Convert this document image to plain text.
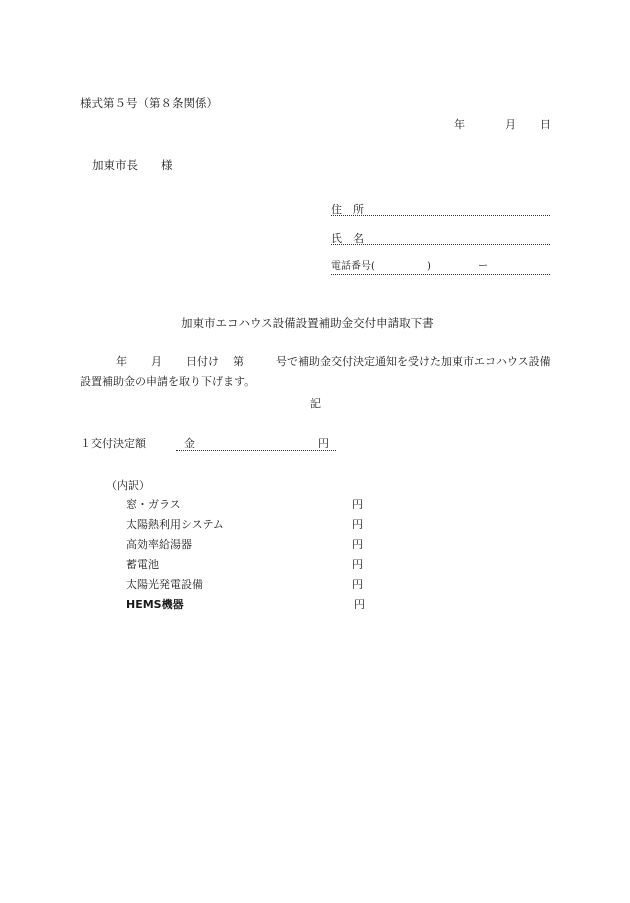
様式第５号（第８条関係）
年	月 日
加東市長　　様
住　所
氏　名
電話番号(	)	ー
加東市エコハウス設備設置補助金交付申請取下書
年 月 日付け 第	号で補助金交付決定通知を受けた加東市エコハウス設備設置補助金の申請を取り下げます。
記
１交付決定額	金	円
（内訳）
窓・ガラス	円
太陽熱利用システム	円
高効率給湯器	円
蓄電池	円
太陽光発電設備	円
HEMS機器	円
